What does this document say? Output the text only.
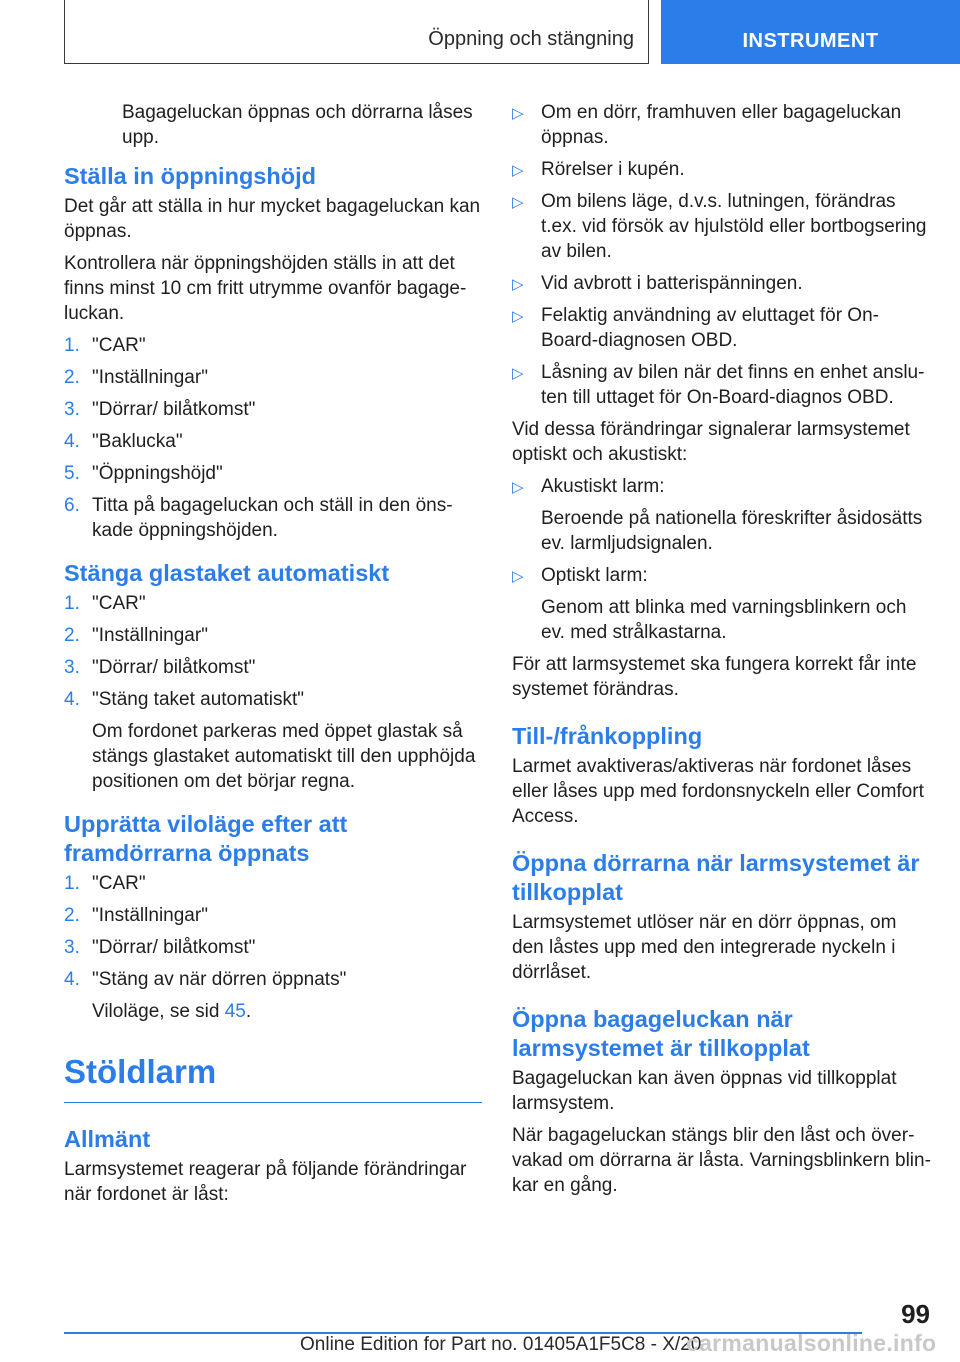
Öppning och stängning	INSTRUMENT

Bagageluckan öppnas och dörrarna låses upp.

Ställa in öppningshöjd

Det går att ställa in hur mycket bagageluckan kan öppnas.

Kontrollera när öppningshöjden ställs in att det finns minst 10 cm fritt utrymme ovanför bagage-luckan.

1. "CAR"
2. "Inställningar"
3. "Dörrar/ bilåtkomst"
4. "Baklucka"
5. "Öppningshöjd"
6. Titta på bagageluckan och ställ in den öns-kade öppningshöjden.
Stänga glastaket automatiskt
1. "CAR"
2. "Inställningar"
3. "Dörrar/ bilåtkomst"
4. "Stäng taket automatiskt"
Om fordonet parkeras med öppet glastak så stängs glastaket automatiskt till den upphöjda positionen om det börjar regna.
Upprätta viloläge efter att framdörrarna öppnats
1. "CAR"
2. "Inställningar"
3. "Dörrar/ bilåtkomst"
4. "Stäng av när dörren öppnats"
Viloläge, se sid 45.
Stöldlarm
Allmänt

Larmsystemet reagerar på följande förändringar när fordonet är låst:

▷ Om en dörr, framhuven eller bagageluckan öppnas.
▷ Rörelser i kupén.
▷ Om bilens läge, d.v.s. lutningen, förändras t.ex. vid försök av hjulstöld eller bortbogsering av bilen.
▷ Vid avbrott i batterispänningen.
▷ Felaktig användning av eluttaget för On-Board-diagnosen OBD.
▷ Låsning av bilen när det finns en enhet anslu-ten till uttaget för On-Board-diagnos OBD.

Vid dessa förändringar signalerar larmsystemet optiskt och akustiskt:

▷ Akustiskt larm:
Beroende på nationella föreskrifter åsidosätts ev. larmljudsignalen.
▷ Optiskt larm:
Genom att blinka med varningsblinkern och ev. med strålkastarna.

För att larmsystemet ska fungera korrekt får inte systemet förändras.

Till-/frånkoppling

Larmet avaktiveras/aktiveras när fordonet låses eller låses upp med fordonsnyckeln eller Comfort Access.

Öppna dörrarna när larmsystemet är tillkopplat

Larmsystemet utlöser när en dörr öppnas, om den låstes upp med den integrerade nyckeln i dörrlåset.

Öppna bagageluckan när larmsystemet är tillkopplat

Bagageluckan kan även öppnas vid tillkopplat larmsystem.

När bagageluckan stängs blir den låst och över-vakad om dörrarna är låsta. Varningsblinkern blin-kar en gång.

99
Online Edition for Part no. 01405A1F5C8 - X/20
carmanualsonline.info
